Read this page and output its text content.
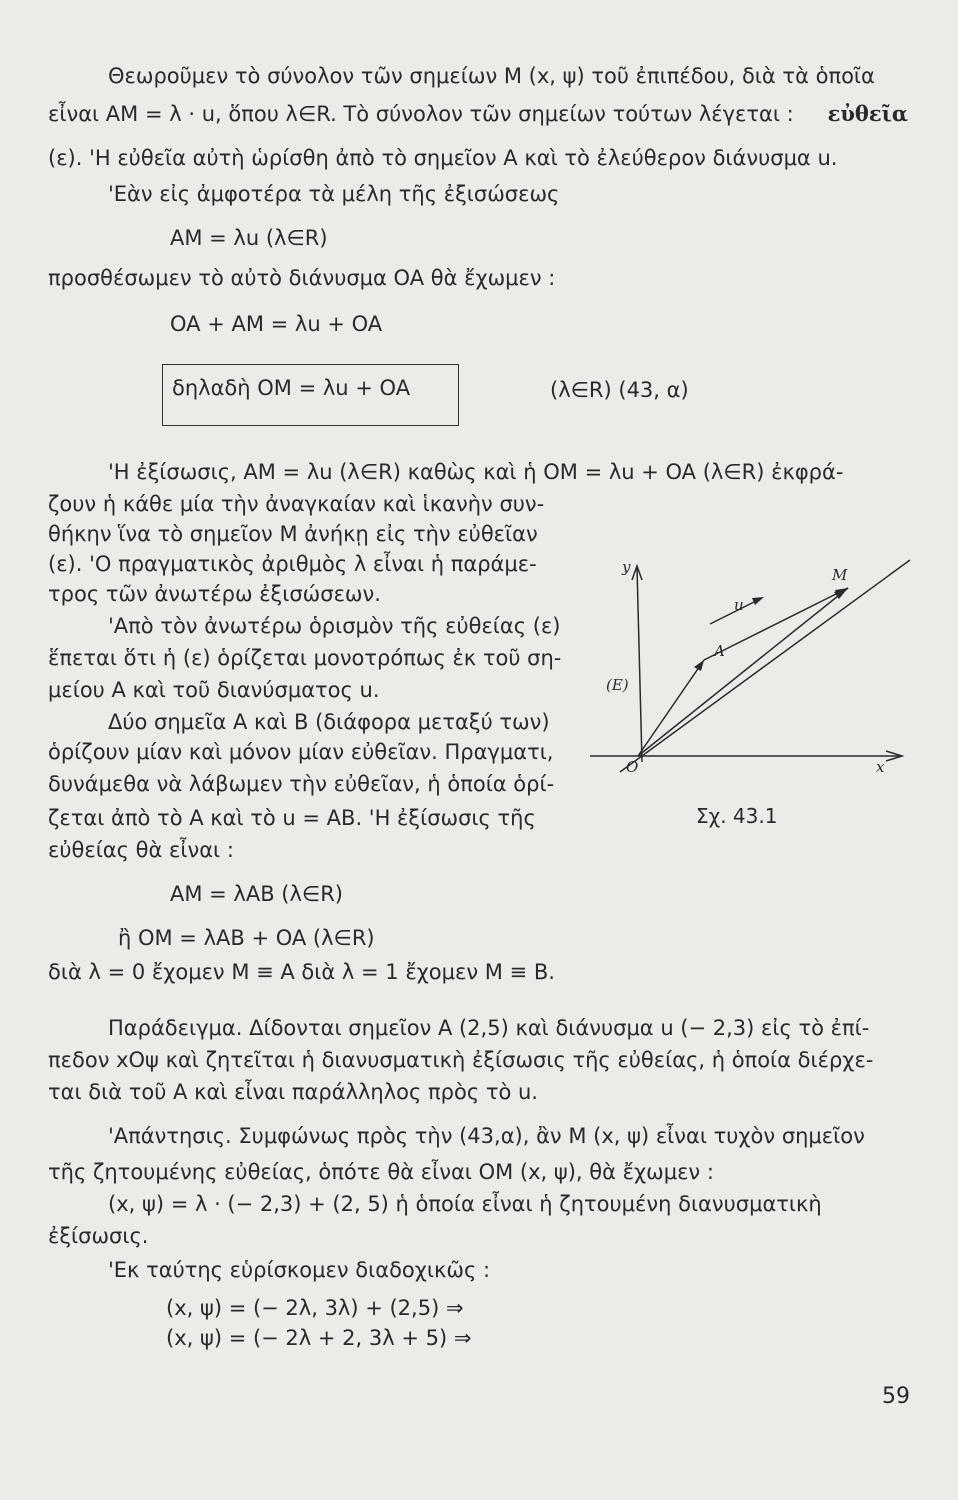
Θεωροῦμεν τὸ σύνολον τῶν σημείων Μ (x, ψ) τοῦ ἐπιπέδου, διὰ τὰ ὁποῖα
εἶναι AM = λ · u, ὅπου λ∈R. Τὸ σύνολον τῶν σημείων τούτων λέγεται : εὐθεῖα
(ε). 'Η εὐθεῖα αὐτὴ ὡρίσθη ἀπὸ τὸ σημεῖον Α καὶ τὸ ἐλεύθερον διάνυσμα u.
'Εὰν εἰς ἀμφοτέρα τὰ μέλη τῆς ἐξισώσεως
AM = λu (λ∈R)
προσθέσωμεν τὸ αὐτὸ διάνυσμα OA θὰ ἔχωμεν :
OA + AM = λu + OA
δηλαδὴ OM = λu + OA	(λ∈R) (43, α)
'Η ἐξίσωσις, AM = λu (λ∈R) καθὼς καὶ ἡ OM = λu + OA (λ∈R) ἐκφρά-
ζουν ἡ κάθε μία τὴν ἀναγκαίαν καὶ ἱκανὴν συν-
θήκην ἵνα τὸ σημεῖον Μ ἀνήκῃ εἰς τὴν εὐθεῖαν
(ε). 'Ο πραγματικὸς ἀριθμὸς λ εἶναι ἡ παράμε-
τρος τῶν ἀνωτέρω ἐξισώσεων.
'Απὸ τὸν ἀνωτέρω ὁρισμὸν τῆς εὐθείας (ε)
ἕπεται ὅτι ἡ (ε) ὁρίζεται μονοτρόπως ἐκ τοῦ ση-
μείου Α καὶ τοῦ διανύσματος u.
Δύο σημεῖα Α καὶ Β (διάφορα μεταξύ των)
ὁρίζουν μίαν καὶ μόνον μίαν εὐθεῖαν. Πραγματι,
δυνάμεθα νὰ λάβωμεν τὴν εὐθεῖαν, ἡ ὁποία ὁρί-
ζεται ἀπὸ τὸ Α καὶ τὸ u = AB. 'Η ἐξίσωσις τῆς
εὐθείας θὰ εἶναι :
y
x
O
A
M
u
(E)
Σχ. 43.1
AM = λAB (λ∈R)
ἢ OM = λAB + OA (λ∈R)
διὰ λ = 0 ἔχομεν Μ ≡ Α διὰ λ = 1 ἔχομεν Μ ≡ Β.
Παράδειγμα. Δίδονται σημεῖον Α (2,5) καὶ διάνυσμα u (− 2,3) εἰς τὸ ἐπί-
πεδον xOψ καὶ ζητεῖται ἡ διανυσματικὴ ἐξίσωσις τῆς εὐθείας, ἡ ὁποία διέρχε-
ται διὰ τοῦ Α καὶ εἶναι παράλληλος πρὸς τὸ u.
'Απάντησις. Συμφώνως πρὸς τὴν (43,α), ἂν Μ (x, ψ) εἶναι τυχὸν σημεῖον
τῆς ζητουμένης εὐθείας, ὁπότε θὰ εἶναι OM (x, ψ), θὰ ἔχωμεν :
(x, ψ) = λ · (− 2,3) + (2, 5) ἡ ὁποία εἶναι ἡ ζητουμένη διανυσματικὴ
ἐξίσωσις.
'Εκ ταύτης εὑρίσκομεν διαδοχικῶς :
(x, ψ) = (− 2λ, 3λ) + (2,5) ⇒
(x, ψ) = (− 2λ + 2, 3λ + 5) ⇒
59
